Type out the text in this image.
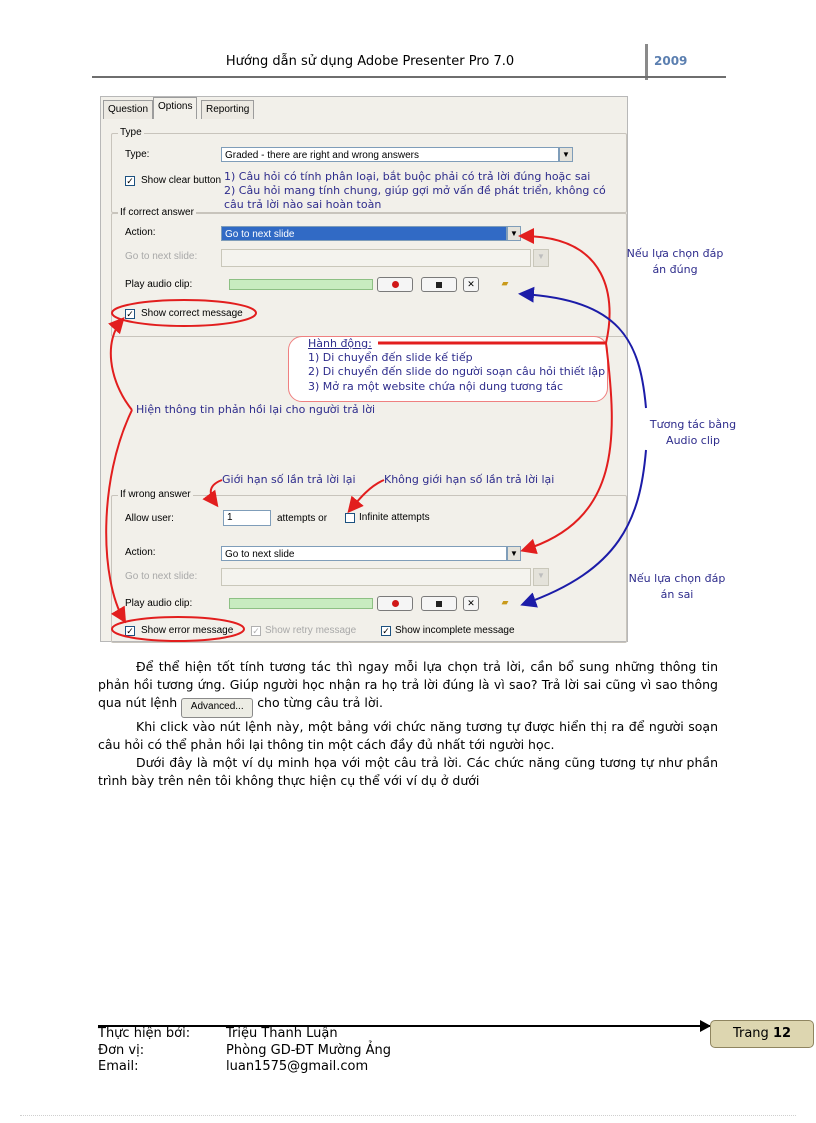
Hướng dẫn sử dụng Adobe Presenter Pro 7.0	2009
Question Options	Reporting
Type
Type:	Graded - there are right and wrong answers	▼
✓ Show clear button
If correct answer
Action:	Go to next slide	▼
Go to next slide:	▼
Play audio clip:	✕	▰
✓ Show correct message
If wrong answer
Allow user:	1	attempts or	Infinite attempts
Action:	Go to next slide	▼
Go to next slide:	▼
Play audio clip:	✕	▰
✓ Show error message ✓ Show retry message	✓ Show incomplete message
1) Câu hỏi có tính phân loại, bắt buộc phải có trả lời đúng hoặc sai
2) Câu hỏi mang tính chung, giúp gợi mở vấn đề phát triển, không có
câu trả lời nào sai hoàn toàn
Hành động:
1) Di chuyển đến slide kế tiếp
2) Di chuyển đến slide do người soạn câu hỏi thiết lập
3) Mở ra một website chứa nội dung tương tác
Hiện thông tin phản hồi lại cho người trả lời
Giới hạn số lần trả lời lại	Không giới hạn số lần trả lời lại
Nếu lựa chọn đáp
án đúng
Tương tác bằng
Audio clip
Nếu lựa chọn đáp
án sai

Để thể hiện tốt tính tương tác thì ngay mỗi lựa chọn trả lời, cần bổ sung những thông tin phản hồi tương ứng. Giúp người học nhận ra họ trả lời đúng là vì sao? Trả lời sai cũng vì sao thông qua nút lệnh Advanced... cho từng câu trả lời.

Khi click vào nút lệnh này, một bảng với chức năng tương tự được hiển thị ra để người soạn câu hỏi có thể phản hồi lại thông tin một cách đầy đủ nhất tới người học.

Dưới đây là một ví dụ minh họa với một câu trả lời. Các chức năng cũng tương tự như phần trình bày trên nên tôi không thực hiện cụ thể với ví dụ ở dưới

Trang 12
Thực hiện bởi:	Triệu Thanh Luận
Đơn vị:	Phòng GD-ĐT Mường Ảng
Email:	luan1575@gmail.com
